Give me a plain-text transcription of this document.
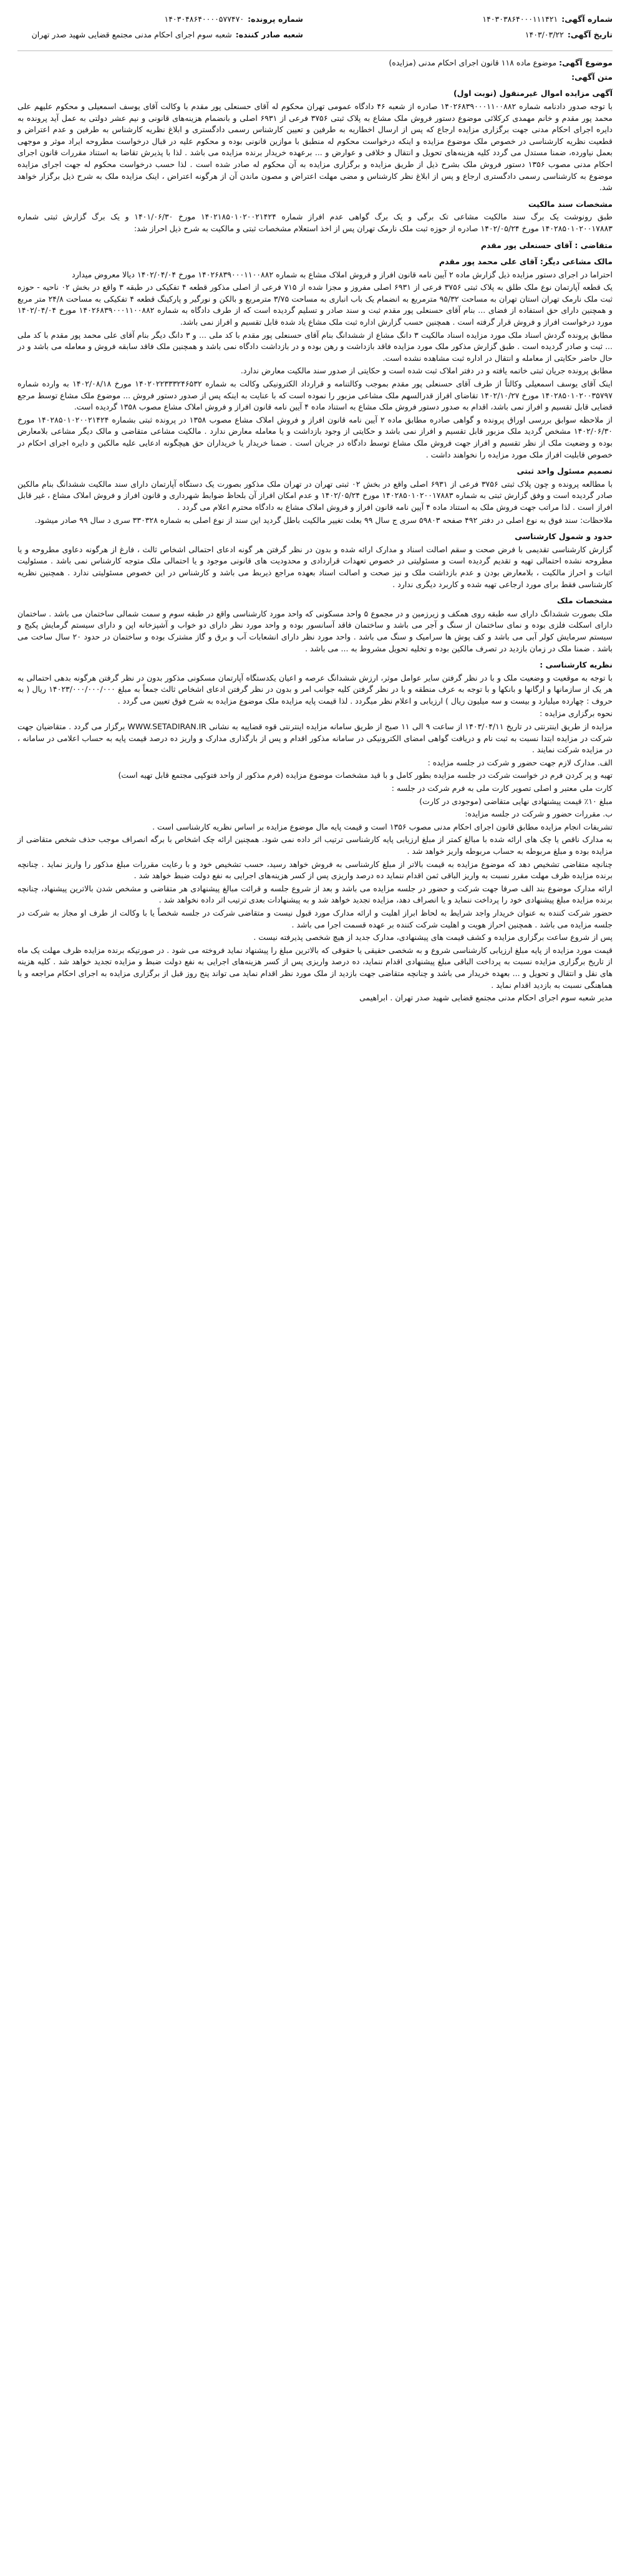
شماره آگهی:
۱۴۰۳۰۳۸۶۴۰۰۰۱۱۱۴۲۱
تاریخ آگهی:
۱۴۰۳/۰۳/۲۲
شماره پرونده:
۱۴۰۳۰۴۸۶۴۰۰۰۰۵۷۷۴۷۰
شعبه صادر کننده:
شعبه سوم اجرای احکام مدنی مجتمع قضایی شهید صدر تهران
موضوع آگهی: موضوع ماده ۱۱۸ قانون اجرای احکام مدنی (مزایده)
متن آگهی:
آگهی مزایده اموال غیرمنقول (نوبت اول)

با توجه صدور دادنامه شماره ۱۴۰۲۶۸۳۹۰۰۰۱۱۰۰۸۸۲ صادره از شعبه ۴۶ دادگاه عمومی تهران محکوم له آقای حسنعلی پور مقدم با وکالت آقای یوسف اسمعیلی و محکوم علیهم علی محمد پور مقدم و خانم مهمدی کرکلائی موضوع دستور فروش ملک مشاع به پلاک ثبتی ۳۷۵۶ فرعی از ۶۹۳۱ اصلی و بانضمام هزینه‌های قانونی و نیم عشر دولتی به عمل آید پرونده به دایره اجرای احکام مدنی جهت برگزاری مزایده ارجاع که پس از ارسال اخطاریه به طرفین و تعیین کارشناس رسمی دادگستری و ابلاغ نظریه کارشناس به طرفین و عدم اعتراض و قطعیت نظریه کارشناسی در خصوص ملک موضوع مزایده و اینکه درخواست محکوم له منطبق با موازین قانونی بوده و محکوم علیه در قبال درخواست مطروحه ایراد موثر و موجهی بعمل نیاورده، ضمنا مستدل می گردد کلیه هزینه‌های تحویل و انتقال و خلافی و عوارض و ... برعهده خریدار برنده مزایده می باشد . لذا با پذیرش تقاضا به استناد مقررات قانون اجرای احکام مدنی مصوب ۱۳۵۶ دستور فروش ملک بشرح ذیل از طریق مزایده و برگزاری مزایده به آن محکوم له صادر شده است . لذا حسب درخواست محکوم له جهت اجرای مزایده موضوع به کارشناسی رسمی دادگستری ارجاع و پس از ابلاغ نظر کارشناس و مضی مهلت اعتراض و مصون ماندن آن از هرگونه اعتراض ، اینک مزایده ملک به شرح ذیل برگزار خواهد شد.

مشخصات سند مالکیت

طبق رونوشت یک برگ سند مالکیت مشاعی تک برگی و یک برگ گواهی عدم افراز شماره ۱۴۰۲۱۸۵۰۱۰۲۰۰۲۱۴۲۴ مورخ ۱۴۰۱/۰۶/۳۰ و یک برگ گزارش ثبتی شماره ۱۴۰۲۸۵۰۱۰۲۰۰۱۷۸۸۳ مورخ ۱۴۰۲/۰۵/۲۴ صادره از حوزه ثبت ملک نارمک تهران پس از اخذ استعلام مشخصات ثبتی و مالکیت به شرح ذیل احراز شد:

متقاضی : آقای حسنعلی پور مقدم
مالک مشاعی دیگر: آقای علی محمد پور مقدم

احتراما در اجرای دستور مزایده ذیل گزارش ماده ۲ آیین نامه قانون افراز و فروش املاک مشاع به شماره ۱۴۰۲۶۸۳۹۰۰۰۱۱۰۰۸۸۲ مورخ ۱۴۰۲/۰۴/۰۴ دیالا معروض میدارد

یک قطعه آپارتمان نوع ملک طلق به پلاک ثبتی ۳۷۵۶ فرعی از ۶۹۳۱ اصلی مفروز و مجزا شده از ۷۱۵ فرعی از اصلی مذکور قطعه ۴ تفکیکی در طبقه ۳ واقع در بخش ۰۲ ناحیه - حوزه ثبت ملک نارمک تهران استان تهران به مساحت ۹۵/۳۲ مترمربع به انضمام یک باب انباری به مساحت ۳/۷۵ مترمربع و بالکن و نورگیر و پارکینگ قطعه ۴ تفکیکی به مساحت ۲۴/۸ متر مربع و همچنین دارای حق استفاده از فضای ... بنام آقای حسنعلی پور مقدم ثبت و سند صادر و تسلیم گردیده است که از طرف دادگاه به شماره ۱۴۰۲۶۸۳۹۰۰۰۱۱۰۰۸۸۲ مورخ ۱۴۰۲/۰۴/۰۴ مورد درخواست افراز و فروش قرار گرفته است . همچنین حسب گزارش اداره ثبت ملک مشاع یاد شده قابل تقسیم و افراز نمی باشد.

مطابق پرونده گردش اسناد ملک مورد مزایده اسناد مالکیت ۳ دانگ مشاع از ششدانگ بنام آقای حسنعلی پور مقدم با کد ملی ... و ۳ دانگ دیگر بنام آقای علی محمد پور مقدم با کد ملی ... ثبت و صادر گردیده است . طبق گزارش مذکور ملک مورد مزایده فاقد بازداشت و رهن بوده و در بازداشت دادگاه نمی باشد و همچنین ملک فاقد سابقه فروش و معامله می باشد و در حال حاضر حکایتی از معامله و انتقال در اداره ثبت مشاهده نشده است.

مطابق پرونده جریان ثبتی خاتمه یافته و در دفتر املاک ثبت شده است و حکایتی از صدور سند مالکیت معارض ندارد.

اینک آقای یوسف اسمعیلی وکالتاً از طرف آقای حسنعلی پور مقدم بموجب وکالتنامه و قرارداد الکترونیکی وکالت به شماره ۱۴۰۲۰۲۲۳۳۳۲۴۶۵۳۲ مورخ ۱۴۰۲/۰۸/۱۸ به وارده شماره ۱۴۰۲۸۵۰۱۰۲۰۰۳۵۷۹۷ مورخ ۱۴۰۲/۱۰/۲۷ تقاضای افراز قدرالسهم ملک مشاعی مزبور را نموده است که با عنایت به اینکه پس از صدور دستور فروش ... موضوع ملک مشاع توسط مرجع قضایی قابل تقسیم و افراز نمی باشد، اقدام به صدور دستور فروش ملک مشاع به استناد ماده ۴ آیین نامه قانون افراز و فروش املاک مشاع مصوب ۱۳۵۸ گردیده است.

از ملاحظه سوابق بررسی اوراق پرونده و گواهی صادره مطابق ماده ۲ آیین نامه قانون افراز و فروش املاک مشاع مصوب ۱۳۵۸ در پرونده ثبتی بشماره ۱۴۰۲۸۵۰۱۰۲۰۰۲۱۴۲۴ مورخ ۱۴۰۲/۰۶/۳۰ مشخص گردید ملک مزبور قابل تقسیم و افراز نمی باشد و حکایتی از وجود بازداشت و یا معامله معارض ندارد . مالکیت مشاعی متقاضی و مالک دیگر مشاعی بلامعارض بوده و وضعیت ملک از نظر تقسیم و افراز جهت فروش ملک مشاع توسط دادگاه در جریان است . ضمنا خریدار یا خریداران حق هیچگونه ادعایی علیه مالکین و دایره اجرای احکام در خصوص قابلیت افراز ملک مورد مزایده را نخواهند داشت .

تصمیم مسئول واحد ثبتی

با مطالعه پرونده و چون پلاک ثبتی ۳۷۵۶ فرعی از ۶۹۳۱ اصلی واقع در بخش ۰۲ ثبتی تهران در تهران ملک مذکور بصورت یک دستگاه آپارتمان دارای سند مالکیت ششدانگ بنام مالکین صادر گردیده است و وفق گزارش ثبتی به شماره ۱۴۰۲۸۵۰۱۰۲۰۰۱۷۸۸۳ مورخ ۱۴۰۲/۰۵/۲۴ و عدم امکان افراز آن بلحاظ ضوابط شهرداری و قانون افراز و فروش املاک مشاع ، غیر قابل افراز است . لذا مراتب جهت فروش ملک به استناد ماده ۴ آیین نامه قانون افراز و فروش املاک مشاع به دادگاه محترم اعلام می گردد .

ملاحظات: سند فوق به نوع اصلی در دفتر ۴۹۲ صفحه ۵۹۸۰۳ سری ج سال ۹۹ بعلت تغییر مالکیت باطل گردید این سند از نوع اصلی به شماره ۳۳۰۳۲۸ سری د سال ۹۹ صادر میشود.

حدود و شمول کارشناسی

گزارش کارشناسی تقدیمی با فرض صحت و سقم اصالت اسناد و مدارک ارائه شده و بدون در نظر گرفتن هر گونه ادعای احتمالی اشخاص ثالث ، فارغ از هرگونه دعاوی مطروحه و یا مطروحه نشده احتمالی تهیه و تقدیم گردیده است و مسئولیتی در خصوص تعهدات قراردادی و محدودیت های قانونی موجود و یا احتمالی ملک متوجه کارشناس نمی باشد . مسئولیت اثبات و احراز مالکیت ، بلامعارض بودن و عدم بازداشت ملک و نیز صحت و اصالت اسناد بعهده مراجع ذیربط می باشد و کارشناس در این خصوص مسئولیتی ندارد . همچنین نظریه کارشناسی فقط برای مورد ارجاعی تهیه شده و کاربرد دیگری ندارد .

مشخصات ملک

ملک بصورت ششدانگ دارای سه طبقه روی همکف و زیرزمین و در مجموع ۵ واحد مسکونی که واحد مورد کارشناسی واقع در طبقه سوم و سمت شمالی ساختمان می باشد . ساختمان دارای اسکلت فلزی بوده و نمای ساختمان از سنگ و آجر می باشد و ساختمان فاقد آسانسور بوده و واحد مورد نظر دارای دو خواب و آشپزخانه اپن و دارای سیستم گرمایش پکیج و سیستم سرمایش کولر آبی می باشد و کف پوش ها سرامیک و سنگ می باشد . واحد مورد نظر دارای انشعابات آب و برق و گاز مشترک بوده و ساختمان در حدود ۲۰ سال ساخت می باشد . ضمنا ملک در زمان بازدید در تصرف مالکین بوده و تخلیه تحویل مشروط به ... می باشد .

نظریه کارشناسی :

با توجه به موقعیت و وضعیت ملک و با در نظر گرفتن سایر عوامل موثر، ارزش ششدانگ عرصه و اعیان یکدستگاه آپارتمان مسکونی مذکور بدون در نظر گرفتن هرگونه بدهی احتمالی به هر یک از سازمانها و ارگانها و بانکها و با توجه به عرف منطقه و با در نظر گرفتن کلیه جوانب امر و بدون در نظر گرفتن ادعای اشخاص ثالث جمعاً به مبلغ ۱۴۰۲۳/۰۰۰/۰۰۰/۰۰۰ ریال ( به حروف : چهارده میلیارد و بیست و سه میلیون ریال ) ارزیابی و اعلام نظر میگردد . لذا قیمت پایه مزایده ملک موضوع مزایده به شرح فوق تعیین می گردد .

نحوه برگزاری مزایده :

مزایده از طریق اینترنتی در تاریخ ۱۴۰۳/۰۴/۱۱ از ساعت ۹ الی ۱۱ صبح از طریق سامانه مزایده اینترنتی قوه قضاییه به نشانی WWW.SETADIRAN.IR برگزار می گردد . متقاضیان جهت شرکت در مزایده ابتدا نسبت به ثبت نام و دریافت گواهی امضای الکترونیکی در سامانه مذکور اقدام و پس از بارگذاری مدارک و واریز ده درصد قیمت پایه به حساب اعلامی در سامانه ، در مزایده شرکت نمایند .

الف. مدارک لازم جهت حضور و شرکت در جلسه مزایده :

تهیه و پر کردن فرم در خواست شرکت در جلسه مزایده بطور کامل و با قید مشخصات موضوع مزایده (فرم مذکور از واحد فتوکپی مجتمع قابل تهیه است)

کارت ملی معتبر و اصلی تصویر کارت ملی به فرم شرکت در جلسه :

مبلغ ۱۰٪ قیمت پیشنهادی نهایی متقاضی (موجودی در کارت)

ب. مقررات حضور و شرکت در جلسه مزایده:

تشریفات انجام مزایده مطابق قانون اجرای احکام مدنی مصوب ۱۳۵۶ است و قیمت پایه مال موضوع مزایده بر اساس نظریه کارشناسی است .

به مدارک ناقص یا چک های ارائه شده با مبالغ کمتر از مبلغ ارزیابی پایه کارشناسی ترتیب اثر داده نمی شود. همچنین ارائه چک اشخاص با برگه انصراف موجب حذف شخص متقاضی از مزایده بوده و مبلغ مربوطه به حساب مربوطه واریز خواهد شد .

چنانچه متقاضی تشخیص دهد که موضوع مزایده به قیمت بالاتر از مبلغ کارشناسی به فروش خواهد رسید، حسب تشخیص خود و با رعایت مقررات مبلغ مذکور را واریز نماید . چنانچه برنده مزایده ظرف مهلت مقرر نسبت به واریز الباقی ثمن اقدام ننماید ده درصد واریزی پس از کسر هزینه‌های اجرایی به نفع دولت ضبط خواهد شد .

ارائه مدارک موضوع بند الف صرفا جهت شرکت و حضور در جلسه مزایده می باشد و بعد از شروع جلسه و قرائت مبالغ پیشنهادی هر متقاضی و مشخص شدن بالاترین پیشنهاد، چنانچه برنده مزایده مبلغ پیشنهادی خود را پرداخت ننماید و یا انصراف دهد، مزایده تجدید خواهد شد و به پیشنهادات بعدی ترتیب اثر داده نخواهد شد .

حضور شرکت کننده به عنوان خریدار واجد شرایط به لحاظ ابراز اهلیت و ارائه مدارک مورد قبول نیست و متقاضی شرکت در جلسه شخصاً یا با وکالت از طرف او مجاز به شرکت در جلسه مزایده می باشد . همچنین احراز هویت و اهلیت شرکت کننده بر عهده قسمت اجرا می باشد .

پس از شروع ساعت برگزاری مزایده و کشف قیمت های پیشنهادی، مدارک جدید از هیچ شخصی پذیرفته نیست .

قیمت مورد مزایده از پایه مبلغ ارزیابی کارشناسی شروع و به شخصی حقیقی یا حقوقی که بالاترین مبلغ را پیشنهاد نماید فروخته می شود . در صورتیکه برنده مزایده ظرف مهلت یک ماه از تاریخ برگزاری مزایده نسبت به پرداخت الباقی مبلغ پیشنهادی اقدام ننماید، ده درصد واریزی پس از کسر هزینه‌های اجرایی به نفع دولت ضبط و مزایده تجدید خواهد شد . کلیه هزینه های نقل و انتقال و تحویل و ... بعهده خریدار می باشد و چنانچه متقاضی جهت بازدید از ملک مورد نظر اقدام نماید می تواند پنج روز قبل از برگزاری مزایده به اجرای احکام مراجعه و با هماهنگی نسبت به بازدید اقدام نماید .

مدیر شعبه سوم اجرای احکام مدنی مجتمع قضایی شهید صدر تهران . ابراهیمی
